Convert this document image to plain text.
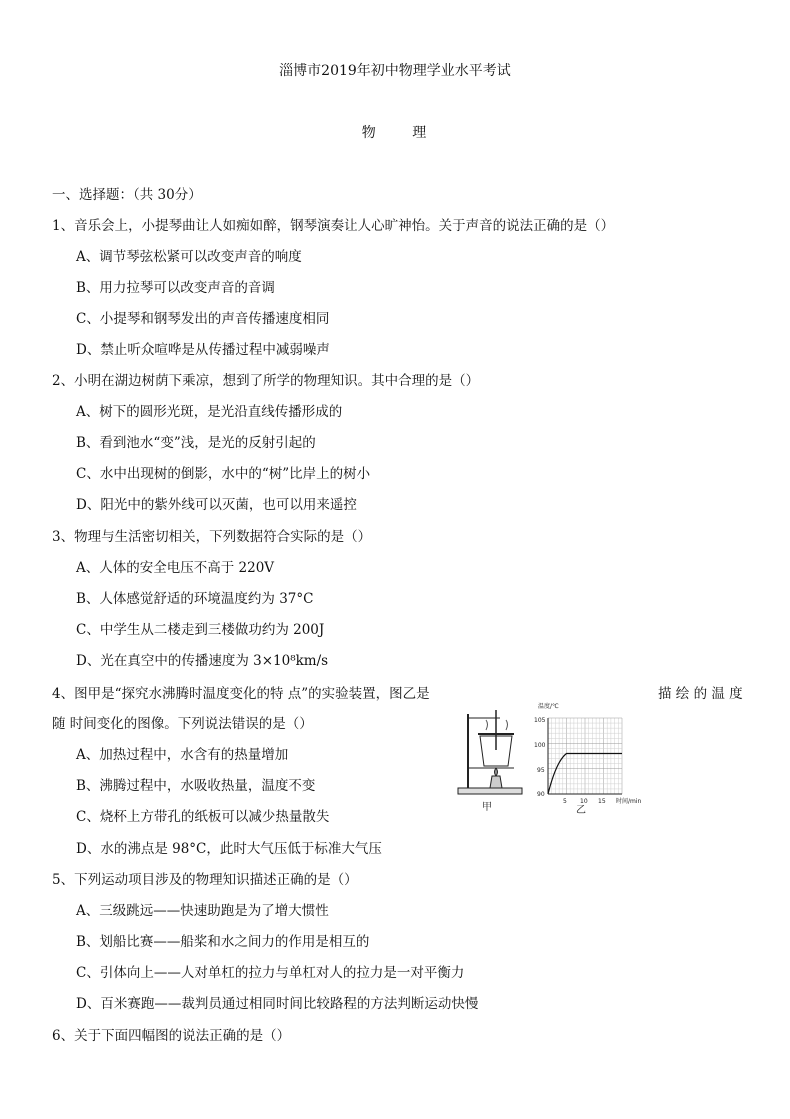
淄博市2019年初中物理学业水平考试
物 理
一、选择题：（共 30分）
1、音乐会上，小提琴曲让人如痴如醉，钢琴演奏让人心旷神怡。关于声音的说法正确的是（）
A、调节琴弦松紧可以改变声音的响度
B、用力拉琴可以改变声音的音调
C、小提琴和钢琴发出的声音传播速度相同
D、禁止听众喧哗是从传播过程中减弱噪声
2、小明在湖边树荫下乘凉，想到了所学的物理知识。其中合理的是（）
A、树下的圆形光斑，是光沿直线传播形成的
B、看到池水“变”浅，是光的反射引起的
C、水中出现树的倒影，水中的“树”比岸上的树小
D、阳光中的紫外线可以灭菌，也可以用来遥控
3、物理与生活密切相关，下列数据符合实际的是（）
A、人体的安全电压不高于 220V
B、人体感觉舒适的环境温度约为 37°C
C、中学生从二楼走到三楼做功约为 200J
D、光在真空中的传播速度为 3×10⁸km/s
4、图甲是“探究水沸腾时温度变化的特 点”的实验装置，图乙是	描 绘 的 温 度
随 时间变化的图像。下列说法错误的是（）
A、加热过程中，水含有的热量增加
B、沸腾过程中，水吸收热量，温度不变
C、烧杯上方带孔的纸板可以减少热量散失
D、水的沸点是 98°C，此时大气压低于标准大气压
甲
温度/℃
时间/min
105
100
95
90
5 10 15
乙
5、下列运动项目涉及的物理知识描述正确的是（）
A、三级跳远——快速助跑是为了增大惯性
B、划船比赛——船桨和水之间力的作用是相互的
C、引体向上——人对单杠的拉力与单杠对人的拉力是一对平衡力
D、百米赛跑——裁判员通过相同时间比较路程的方法判断运动快慢
6、关于下面四幅图的说法正确的是（）
